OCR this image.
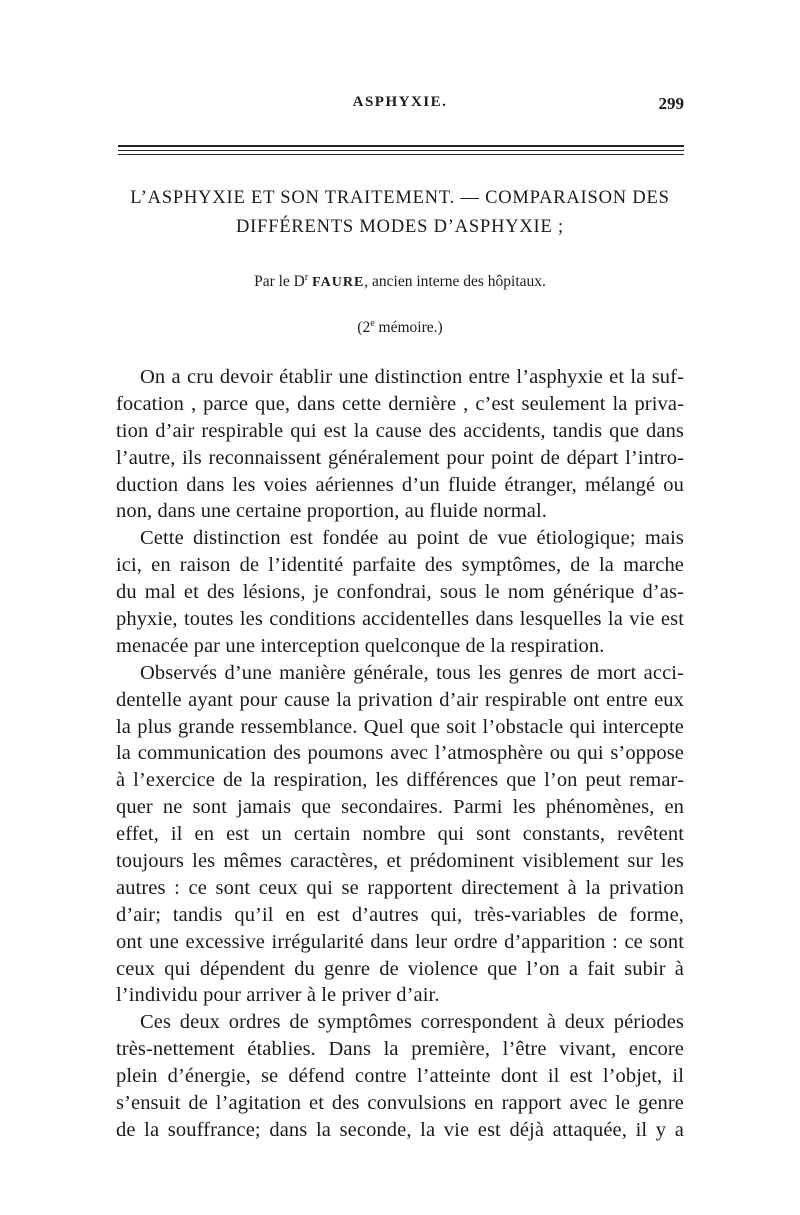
ASPHYXIE.	299
L’ASPHYXIE ET SON TRAITEMENT. — COMPARAISON DES
DIFFÉRENTS MODES D’ASPHYXIE ;
Par le $D^r$ FAURE, ancien interne des hôpitaux.
(2e mémoire.)
On a cru devoir établir une distinction entre l’asphyxie et la suf-
focation , parce que, dans cette dernière , c’est seulement la priva-
tion d’air respirable qui est la cause des accidents, tandis que dans
l’autre, ils reconnaissent généralement pour point de départ l’intro-
duction dans les voies aériennes d’un fluide étranger, mélangé ou
non, dans une certaine proportion, au fluide normal.
Cette distinction est fondée au point de vue étiologique; mais
ici, en raison de l’identité parfaite des symptômes, de la marche
du mal et des lésions, je confondrai, sous le nom générique d’as-
phyxie, toutes les conditions accidentelles dans lesquelles la vie est
menacée par une interception quelconque de la respiration.
Observés d’une manière générale, tous les genres de mort acci-
dentelle ayant pour cause la privation d’air respirable ont entre eux
la plus grande ressemblance. Quel que soit l’obstacle qui intercepte
la communication des poumons avec l’atmosphère ou qui s’oppose
à l’exercice de la respiration, les différences que l’on peut remar-
quer ne sont jamais que secondaires. Parmi les phénomènes, en
effet, il en est un certain nombre qui sont constants, revêtent
toujours les mêmes caractères, et prédominent visiblement sur les
autres : ce sont ceux qui se rapportent directement à la privation
d’air; tandis qu’il en est d’autres qui, très-variables de forme,
ont une excessive irrégularité dans leur ordre d’apparition : ce sont
ceux qui dépendent du genre de violence que l’on a fait subir à
l’individu pour arriver à le priver d’air.
Ces deux ordres de symptômes correspondent à deux périodes
très-nettement établies. Dans la première, l’être vivant, encore
plein d’énergie, se défend contre l’atteinte dont il est l’objet, il
s’ensuit de l’agitation et des convulsions en rapport avec le genre
de la souffrance; dans la seconde, la vie est déjà attaquée, il y a
